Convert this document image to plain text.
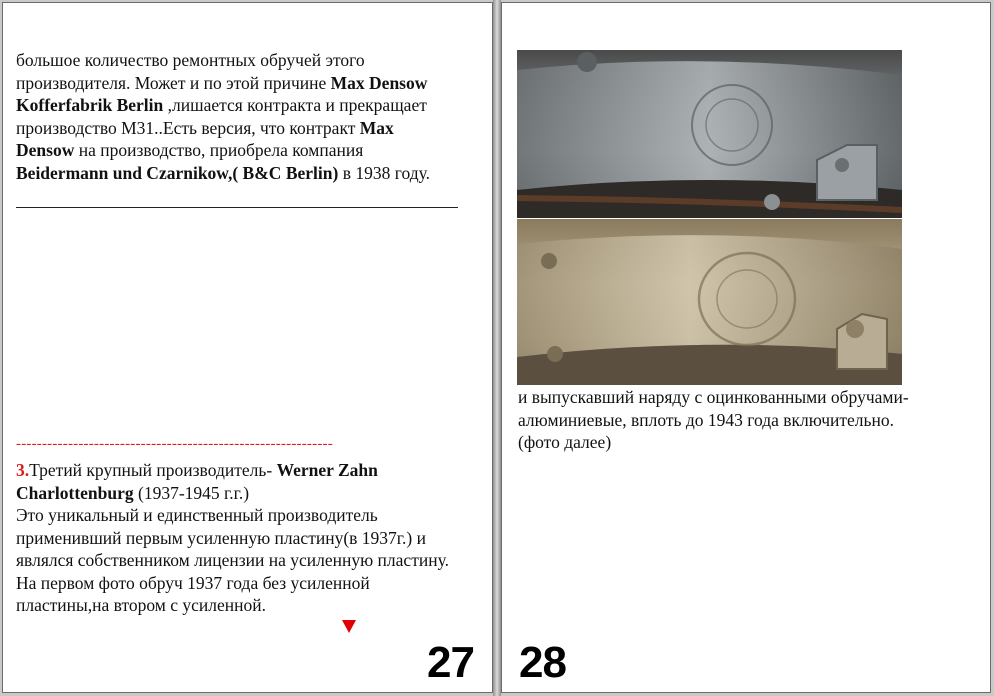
большое количество ремонтных обручей этого производителя. Может и по этой причине Max Densow Kofferfabrik Berlin ,лишается контракта и прекращает производство М31..Есть версия, что контракт Max Densow на производство, приобрела компания Beidermann und Czarnikow,( B&C Berlin) в 1938 году.
-------------------------------------------------------------
3.Третий крупный производитель- Werner Zahn Charlottenburg (1937-1945 г.г.)
Это уникальный и единственный производитель применивший первым усиленную пластину(в 1937г.) и являлся собственником лицензии на усиленную пластину.
На первом фото обруч 1937 года без усиленной пластины,на втором с усиленной.
27
и выпускавший наряду с оцинкованными обручами-алюминиевые, вплоть до 1943 года включительно.(фото далее)
28
